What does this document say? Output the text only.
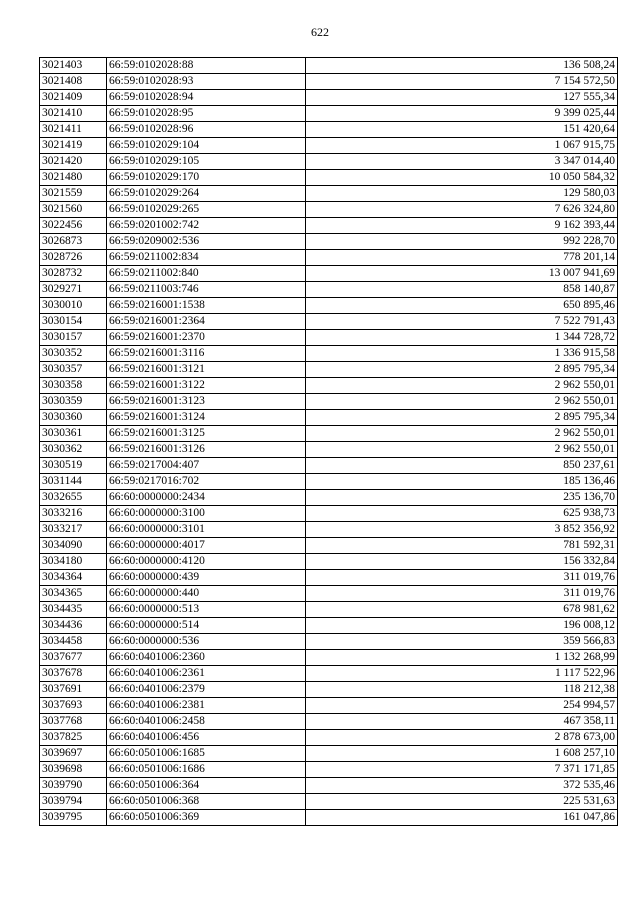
622
3021403	66:59:0102028:88	136 508,24
3021408	66:59:0102028:93	7 154 572,50
3021409	66:59:0102028:94	127 555,34
3021410	66:59:0102028:95	9 399 025,44
3021411	66:59:0102028:96	151 420,64
3021419	66:59:0102029:104	1 067 915,75
3021420	66:59:0102029:105	3 347 014,40
3021480	66:59:0102029:170	10 050 584,32
3021559	66:59:0102029:264	129 580,03
3021560	66:59:0102029:265	7 626 324,80
3022456	66:59:0201002:742	9 162 393,44
3026873	66:59:0209002:536	992 228,70
3028726	66:59:0211002:834	778 201,14
3028732	66:59:0211002:840	13 007 941,69
3029271	66:59:0211003:746	858 140,87
3030010	66:59:0216001:1538	650 895,46
3030154	66:59:0216001:2364	7 522 791,43
3030157	66:59:0216001:2370	1 344 728,72
3030352	66:59:0216001:3116	1 336 915,58
3030357	66:59:0216001:3121	2 895 795,34
3030358	66:59:0216001:3122	2 962 550,01
3030359	66:59:0216001:3123	2 962 550,01
3030360	66:59:0216001:3124	2 895 795,34
3030361	66:59:0216001:3125	2 962 550,01
3030362	66:59:0216001:3126	2 962 550,01
3030519	66:59:0217004:407	850 237,61
3031144	66:59:0217016:702	185 136,46
3032655	66:60:0000000:2434	235 136,70
3033216	66:60:0000000:3100	625 938,73
3033217	66:60:0000000:3101	3 852 356,92
3034090	66:60:0000000:4017	781 592,31
3034180	66:60:0000000:4120	156 332,84
3034364	66:60:0000000:439	311 019,76
3034365	66:60:0000000:440	311 019,76
3034435	66:60:0000000:513	678 981,62
3034436	66:60:0000000:514	196 008,12
3034458	66:60:0000000:536	359 566,83
3037677	66:60:0401006:2360	1 132 268,99
3037678	66:60:0401006:2361	1 117 522,96
3037691	66:60:0401006:2379	118 212,38
3037693	66:60:0401006:2381	254 994,57
3037768	66:60:0401006:2458	467 358,11
3037825	66:60:0401006:456	2 878 673,00
3039697	66:60:0501006:1685	1 608 257,10
3039698	66:60:0501006:1686	7 371 171,85
3039790	66:60:0501006:364	372 535,46
3039794	66:60:0501006:368	225 531,63
3039795	66:60:0501006:369	161 047,86
